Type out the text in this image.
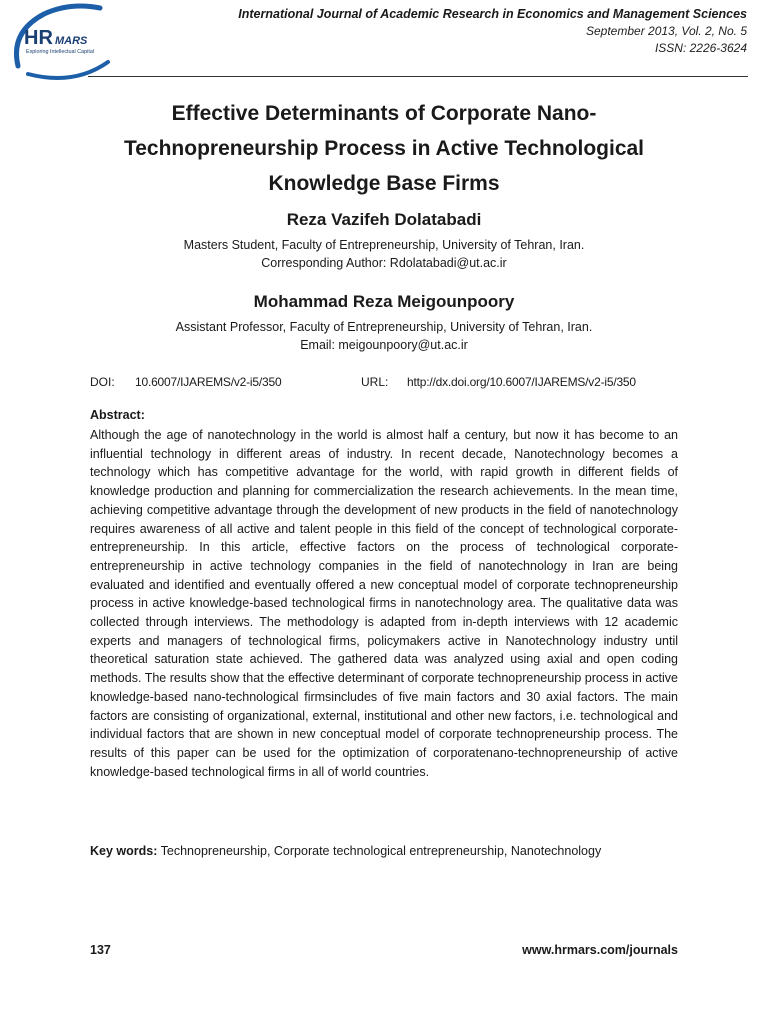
HR MARS
Exploring Intellectual Capital
International Journal of Academic Research in Economics and Management Sciences
September 2013, Vol. 2, No. 5
ISSN: 2226-3624
Effective Determinants of Corporate Nano-
Technopreneurship Process in Active Technological
Knowledge Base Firms
Reza Vazifeh Dolatabadi
Masters Student, Faculty of Entrepreneurship, University of Tehran, Iran.
Corresponding Author: Rdolatabadi@ut.ac.ir
Mohammad Reza Meigounpoory
Assistant Professor, Faculty of Entrepreneurship, University of Tehran, Iran.
Email: meigounpoory@ut.ac.ir
DOI: 10.6007/IJAREMS/v2-i5/350	URL: http://dx.doi.org/10.6007/IJAREMS/v2-i5/350
Abstract:
Although the age of nanotechnology in the world is almost half a century, but now it has become to an influential technology in different areas of industry. In recent decade, Nanotechnology becomes a technology which has competitive advantage for the world, with rapid growth in different fields of knowledge production and planning for commercialization the research achievements. In the mean time, achieving competitive advantage through the development of new products in the field of nanotechnology requires awareness of all active and talent people in this field of the concept of technological corporate-entrepreneurship. In this article, effective factors on the process of technological corporate-entrepreneurship in active technology companies in the field of nanotechnology in Iran are being evaluated and identified and eventually offered a new conceptual model of corporate technopreneurship process in active knowledge-based technological firms in nanotechnology area. The qualitative data was collected through interviews. The methodology is adapted from in-depth interviews with 12 academic experts and managers of technological firms, policymakers active in Nanotechnology industry until theoretical saturation state achieved. The gathered data was analyzed using axial and open coding methods. The results show that the effective determinant of corporate technopreneurship process in active knowledge-based nano-technological firmsincludes of five main factors and 30 axial factors. The main factors are consisting of organizational, external, institutional and other new factors, i.e. technological and individual factors that are shown in new conceptual model of corporate technopreneurship process. The results of this paper can be used for the optimization of corporatenano-technopreneurship of active knowledge-based technological firms in all of world countries.
Key words: Technopreneurship, Corporate technological entrepreneurship, Nanotechnology
137	www.hrmars.com/journals
